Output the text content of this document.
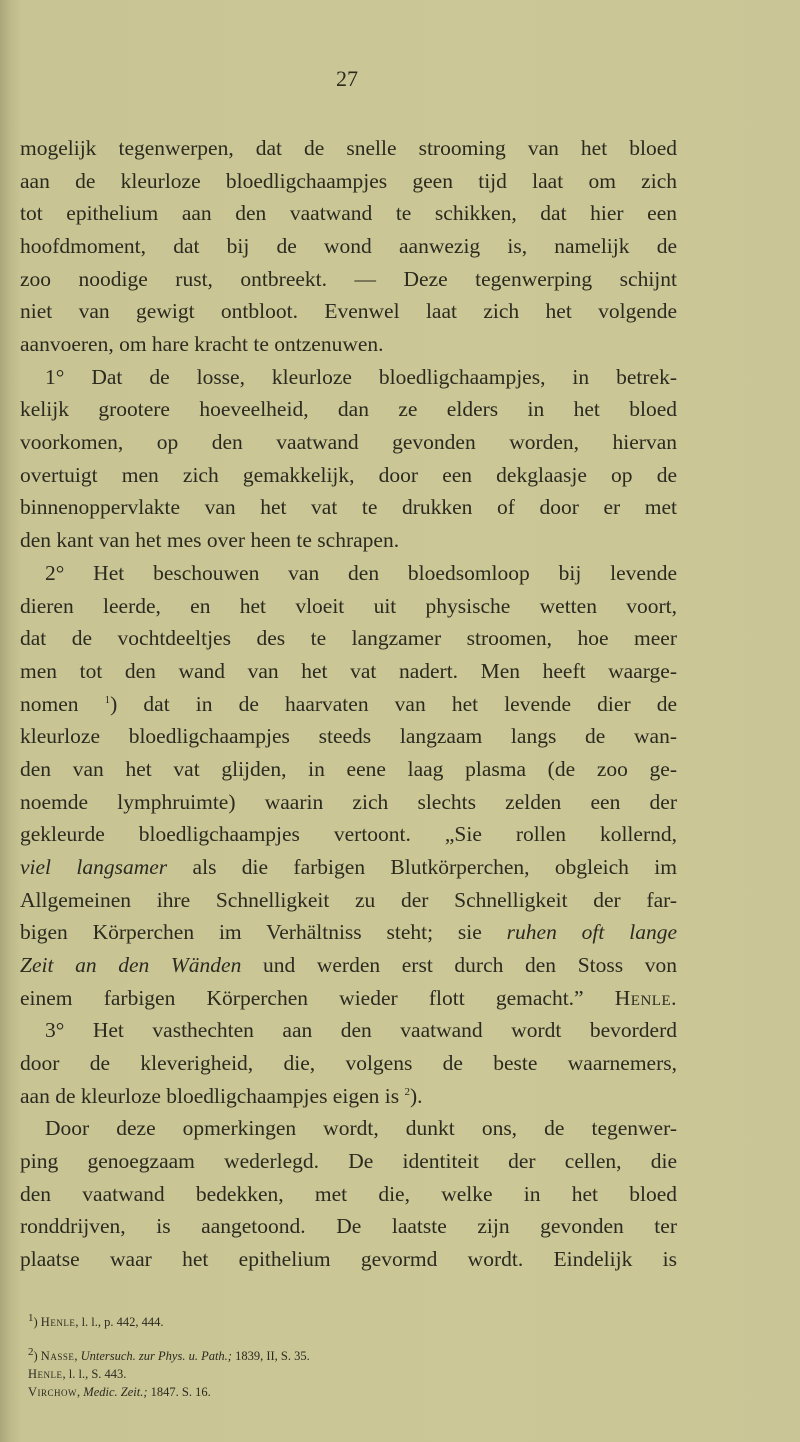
27
mogelijk tegenwerpen, dat de snelle strooming van het bloed
aan de kleurloze bloedligchaampjes geen tijd laat om zich
tot epithelium aan den vaatwand te schikken, dat hier een
hoofdmoment, dat bij de wond aanwezig is, namelijk de
zoo noodige rust, ontbreekt. — Deze tegenwerping schijnt
niet van gewigt ontbloot. Evenwel laat zich het volgende
aanvoeren, om hare kracht te ontzenuwen.
1° Dat de losse, kleurloze bloedligchaampjes, in betrek-
kelijk grootere hoeveelheid, dan ze elders in het bloed
voorkomen, op den vaatwand gevonden worden, hiervan
overtuigt men zich gemakkelijk, door een dekglaasje op de
binnenoppervlakte van het vat te drukken of door er met
den kant van het mes over heen te schrapen.
2° Het beschouwen van den bloedsomloop bij levende
dieren leerde, en het vloeit uit physische wetten voort,
dat de vochtdeeltjes des te langzamer stroomen, hoe meer
men tot den wand van het vat nadert. Men heeft waarge-
nomen $^1$) dat in de haarvaten van het levende dier de
kleurloze bloedligchaampjes steeds langzaam langs de wan-
den van het vat glijden, in eene laag plasma (de zoo ge-
noemde lymphruimte) waarin zich slechts zelden een der
gekleurde bloedligchaampjes vertoont. „Sie rollen kollernd,
viel langsamer als die farbigen Blutkörperchen, obgleich im
Allgemeinen ihre Schnelligkeit zu der Schnelligkeit der far-
bigen Körperchen im Verhältniss steht; sie ruhen oft lange
Zeit an den Wänden und werden erst durch den Stoss von
einem farbigen Körperchen wieder flott gemacht.” Henle.
3° Het vasthechten aan den vaatwand wordt bevorderd
door de kleverigheid, die, volgens de beste waarnemers,
aan de kleurloze bloedligchaampjes eigen is $^2$).
Door deze opmerkingen wordt, dunkt ons, de tegenwer-
ping genoegzaam wederlegd. De identiteit der cellen, die
den vaatwand bedekken, met die, welke in het bloed
ronddrijven, is aangetoond. De laatste zijn gevonden ter
plaatse waar het epithelium gevormd wordt. Eindelijk is
1) Henle, l. l., p. 442, 444.
2) Nasse, Untersuch. zur Phys. u. Path.; 1839, II, S. 35.
Henle, l. l., S. 443.
Virchow, Medic. Zeit.; 1847. S. 16.
